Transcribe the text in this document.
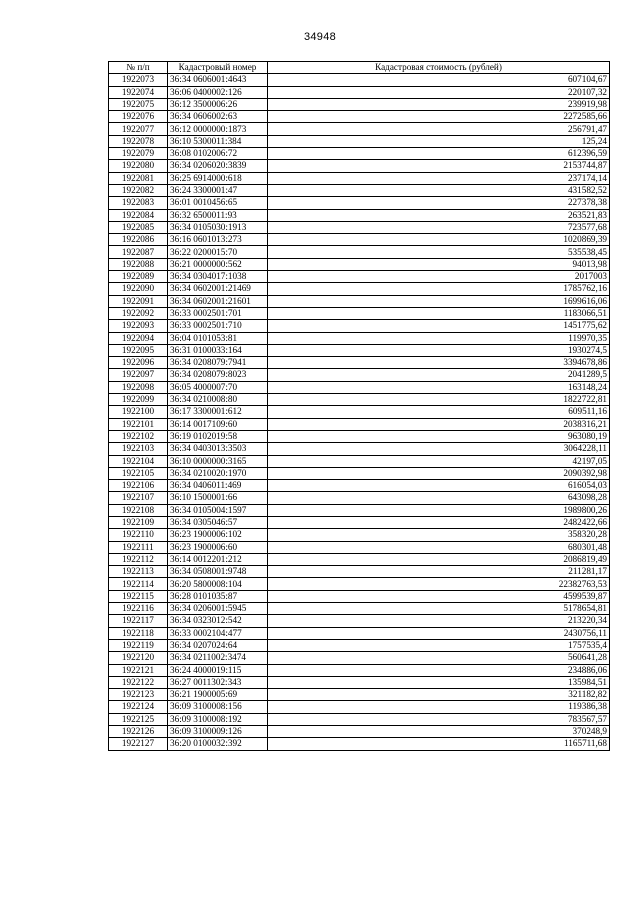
34948
№ п/п	Кадастровый номер	Кадастровая стоимость (рублей)
1922073	36:34 0606001:4643	607104,67
1922074	36:06 0400002:126	220107,32
1922075	36:12 3500006:26	239919,98
1922076	36:34 0606002:63	2272585,66
1922077	36:12 0000000:1873	256791,47
1922078	36:10 5300011:384	125,24
1922079	36:08 0102006:72	612396,59
1922080	36:34 0206020:3839	2153744,87
1922081	36:25 6914000:618	237174,14
1922082	36:24 3300001:47	431582,52
1922083	36:01 0010456:65	227378,38
1922084	36:32 6500011:93	263521,83
1922085	36:34 0105030:1913	723577,68
1922086	36:16 0601013:273	1020869,39
1922087	36:22 0200015:70	535538,45
1922088	36:21 0000000:562	94013,98
1922089	36:34 0304017:1038	2017003
1922090	36:34 0602001:21469	1785762,16
1922091	36:34 0602001:21601	1699616,06
1922092	36:33 0002501:701	1183066,51
1922093	36:33 0002501:710	1451775,62
1922094	36:04 0101053:81	119970,35
1922095	36:31 0100033:164	1930274,5
1922096	36:34 0208079:7941	3394678,86
1922097	36:34 0208079:8023	2041289,5
1922098	36:05 4000007:70	163148,24
1922099	36:34 0210008:80	1822722,81
1922100	36:17 3300001:612	609511,16
1922101	36:14 0017109:60	2038316,21
1922102	36:19 0102019:58	963080,19
1922103	36:34 0403013:3503	3064228,11
1922104	36:10 0000000:3165	42197,05
1922105	36:34 0210020:1970	2090392,98
1922106	36:34 0406011:469	616054,03
1922107	36:10 1500001:66	643098,28
1922108	36:34 0105004:1597	1989800,26
1922109	36:34 0305046:57	2482422,66
1922110	36:23 1900006:102	358320,28
1922111	36:23 1900006:60	680301,48
1922112	36:14 0012201:212	2086819,49
1922113	36:34 0508001:9748	211281,17
1922114	36:20 5800008:104	22382763,53
1922115	36:28 0101035:87	4599539,87
1922116	36:34 0206001:5945	5178654,81
1922117	36:34 0323012:542	213220,34
1922118	36:33 0002104:477	2430756,11
1922119	36:34 0207024:64	1757535,4
1922120	36:34 0211002:3474	560641,28
1922121	36:24 4000019:115	234886,06
1922122	36:27 0011302:343	135984,51
1922123	36:21 1900005:69	321182,82
1922124	36:09 3100008:156	119386,38
1922125	36:09 3100008:192	783567,57
1922126	36:09 3100009:126	370248,9
1922127	36:20 0100032:392	1165711,68
